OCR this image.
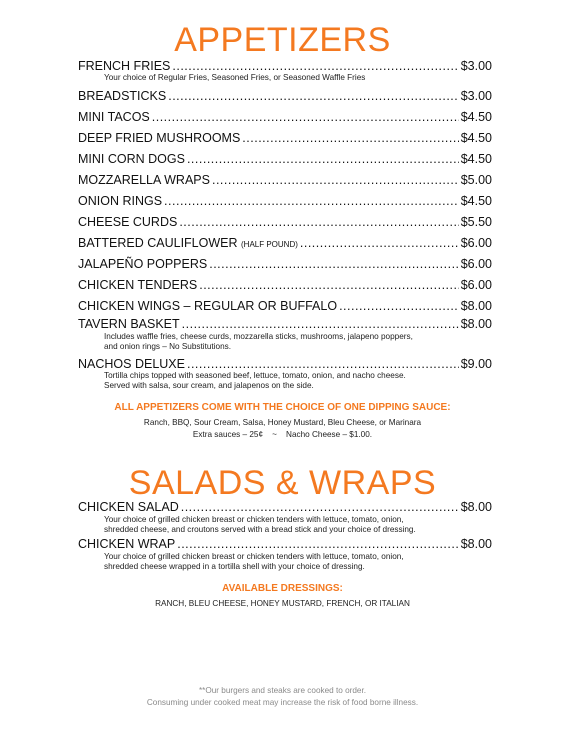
APPETIZERS
FRENCH FRIES .....	$3.00
Your choice of Regular Fries, Seasoned Fries, or Seasoned Waffle Fries
BREADSTICKS .....	$3.00
MINI TACOS .....	$4.50
DEEP FRIED MUSHROOMS .....	$4.50
MINI CORN DOGS .....	$4.50
MOZZARELLA WRAPS .....	$5.00
ONION RINGS .....	$4.50
CHEESE CURDS .....	$5.50
BATTERED CAULIFLOWER (HALF POUND) .....	$6.00
JALAPEÑO POPPERS .....	$6.00
CHICKEN TENDERS .....	$6.00
CHICKEN WINGS – REGULAR OR BUFFALO .....	$8.00
TAVERN BASKET .....	$8.00
Includes waffle fries, cheese curds, mozzarella sticks, mushrooms, jalapeno poppers,
and onion rings – No Substitutions.
NACHOS DELUXE .....	$9.00
Tortilla chips topped with seasoned beef, lettuce, tomato, onion, and nacho cheese.
Served with salsa, sour cream, and jalapenos on the side.
ALL APPETIZERS COME WITH THE CHOICE OF ONE DIPPING SAUCE:
Ranch, BBQ, Sour Cream, Salsa, Honey Mustard, Bleu Cheese, or Marinara
Extra sauces – 25¢ ~ Nacho Cheese – $1.00.
SALADS & WRAPS
CHICKEN SALAD .....	$8.00
Your choice of grilled chicken breast or chicken tenders with lettuce, tomato, onion,
shredded cheese, and croutons served with a bread stick and your choice of dressing.
CHICKEN WRAP .....	$8.00
Your choice of grilled chicken breast or chicken tenders with lettuce, tomato, onion,
shredded cheese wrapped in a tortilla shell with your choice of dressing.
AVAILABLE DRESSINGS:
RANCH, BLEU CHEESE, HONEY MUSTARD, FRENCH, OR ITALIAN
**Our burgers and steaks are cooked to order.
Consuming under cooked meat may increase the risk of food borne illness.
